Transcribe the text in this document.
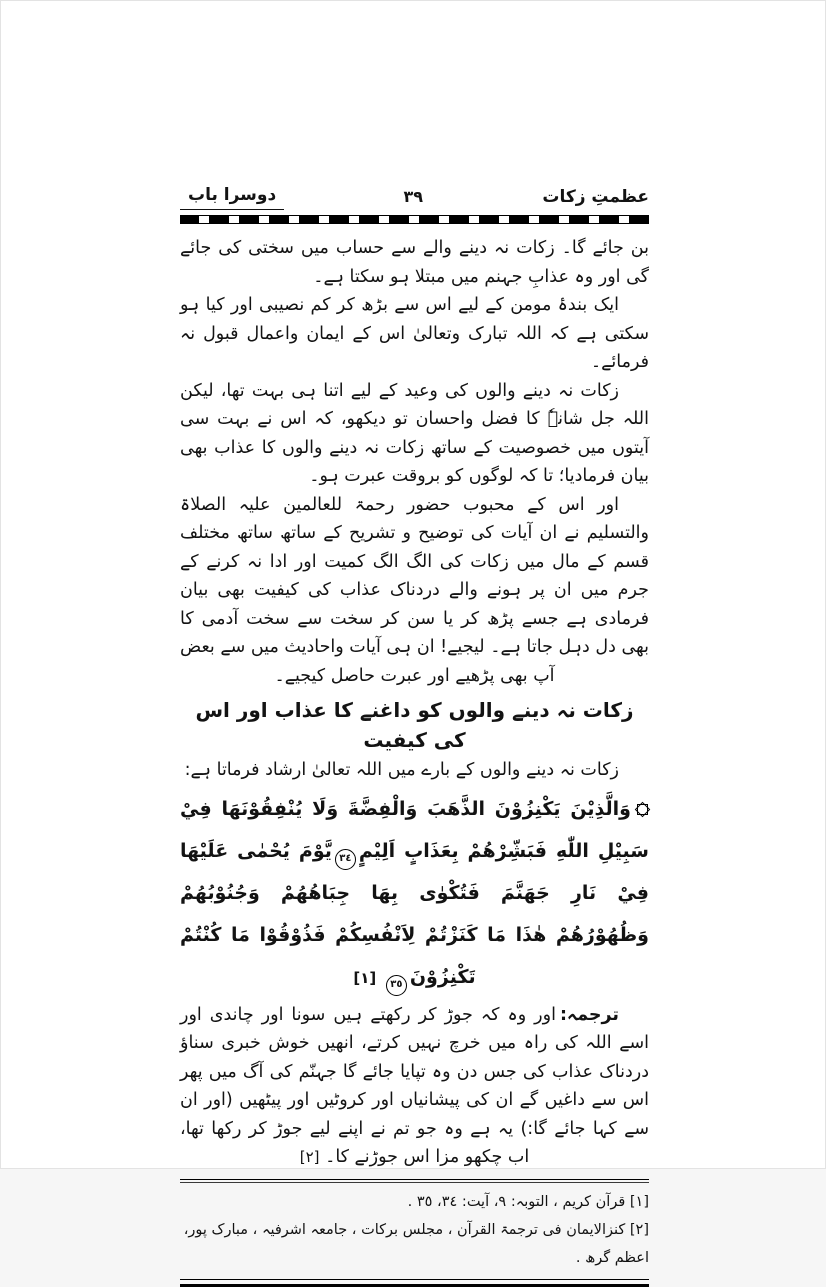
عظمتِ زکات
۳۹
دوسرا باب

بن جائے گا۔ زکات نہ دینے والے سے حساب میں سختی کی جائے گی اور وہ عذابِ جہنم میں مبتلا ہو سکتا ہے۔

ایک بندۂ مومن کے لیے اس سے بڑھ کر کم نصیبی اور کیا ہو سکتی ہے کہ اللہ تبارک وتعالیٰ اس کے ایمان واعمال قبول نہ فرمائے۔

زکات نہ دینے والوں کی وعید کے لیے اتنا ہی بہت تھا، لیکن اللہ جل شانہٗ کا فضل واحسان تو دیکھو، کہ اس نے بہت سی آیتوں میں خصوصیت کے ساتھ زکات نہ دینے والوں کا عذاب بھی بیان فرمادیا؛ تا کہ لوگوں کو بروقت عبرت ہو۔

اور اس کے محبوب حضور رحمۃ للعالمین علیہ الصلاۃ والتسلیم نے ان آیات کی توضیح و تشریح کے ساتھ ساتھ مختلف قسم کے مال میں زکات کی الگ الگ کمیت اور ادا نہ کرنے کے جرم میں ان پر ہونے والے دردناک عذاب کی کیفیت بھی بیان فرمادی ہے جسے پڑھ کر یا سن کر سخت سے سخت آدمی کا بھی دل دہل جاتا ہے۔ لیجیے! ان ہی آیات واحادیث میں سے بعض آپ بھی پڑھیے اور عبرت حاصل کیجیے۔

زکات نہ دینے والوں کو داغنے کا عذاب اور اس کی کیفیت

زکات نہ دینے والوں کے بارے میں اللہ تعالیٰ ارشاد فرماتا ہے:

وَالَّذِيْنَ يَكْنِزُوْنَ الذَّهَبَ وَالْفِضَّةَ وَلَا يُنْفِقُوْنَهَا فِيْ سَبِيْلِ اللّٰهِ فَبَشِّرْهُمْ بِعَذَابٍ اَلِيْمٍ٣٤يَّوْمَ يُحْمٰى عَلَيْهَا فِيْ نَارِ جَهَنَّمَ فَتُكْوٰى بِهَا جِبَاهُهُمْ وَجُنُوْبُهُمْ وَظُهُوْرُهُمْ هٰذَا مَا كَنَزْتُمْ لِاَنْفُسِكُمْ فَذُوْقُوْا مَا كُنْتُمْ تَكْنِزُوْنَ٣٥ [۱]

ترجمہ:اور وہ کہ جوڑ کر رکھتے ہیں سونا اور چاندی اور اسے اللہ کی راہ میں خرچ نہیں کرتے، انھیں خوش خبری سناؤ دردناک عذاب کی جس دن وہ تپایا جائے گا جہنّم کی آگ میں پھر اس سے داغیں گے ان کی پیشانیاں اور کروٹیں اور پیٹھیں (اور ان سے کہا جائے گا:) یہ ہے وہ جو تم نے اپنے لیے جوڑ کر رکھا تھا، اب چکھو مزا اس جوڑنے کا۔ [۲]

[۱] قرآن کریم ، التوبہ: ٩، آیت: ٣٤، ٣٥ .

[۲] کنزالایمان فی ترجمۃ القرآن ، مجلس برکات ، جامعہ اشرفیہ ، مبارک پور، اعظم گرھ .
